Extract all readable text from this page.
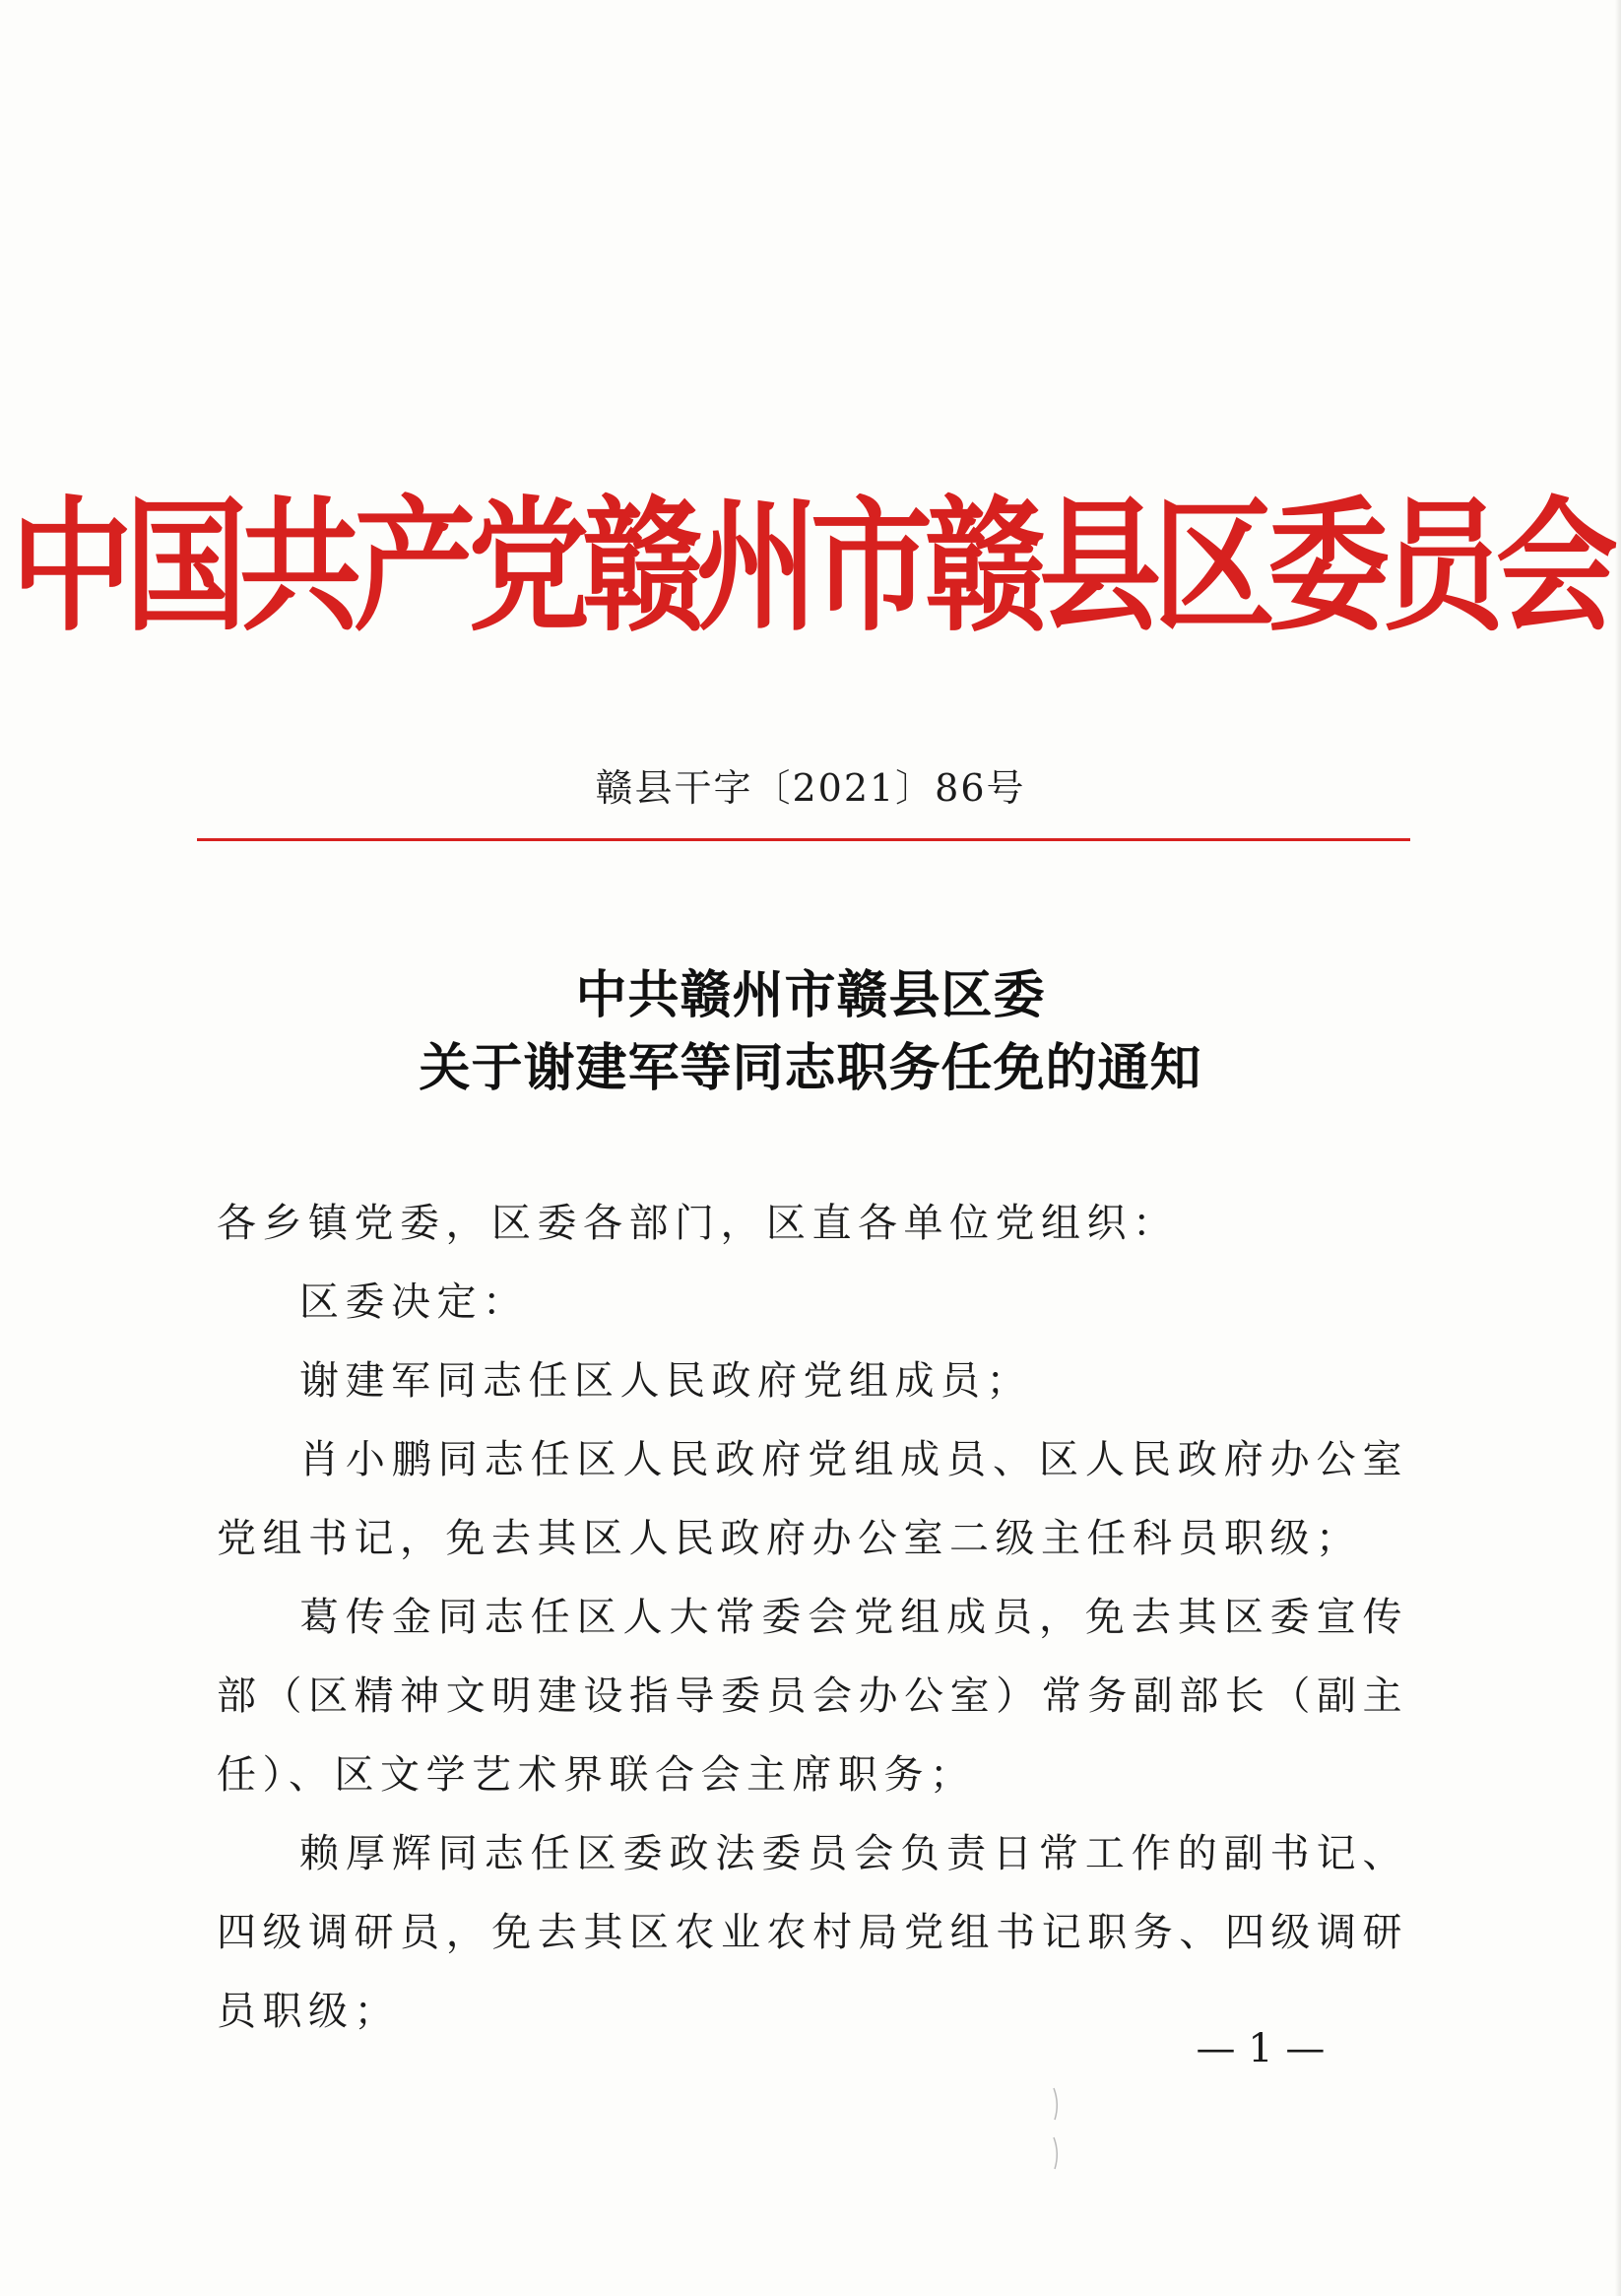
中国共产党赣州市赣县区委员会
赣县干字〔2021〕86号
中共赣州市赣县区委
关于谢建军等同志职务任免的通知
各乡镇党委，区委各部门，区直各单位党组织：
区委决定：
谢建军同志任区人民政府党组成员；
肖小鹏同志任区人民政府党组成员、区人民政府办公室党组书记，免去其区人民政府办公室二级主任科员职级；
葛传金同志任区人大常委会党组成员，免去其区委宣传部（区精神文明建设指导委员会办公室）常务副部长（副主任）、区文学艺术界联合会主席职务；
赖厚辉同志任区委政法委员会负责日常工作的副书记、四级调研员，免去其区农业农村局党组书记职务、四级调研员职级；
— 1 —
